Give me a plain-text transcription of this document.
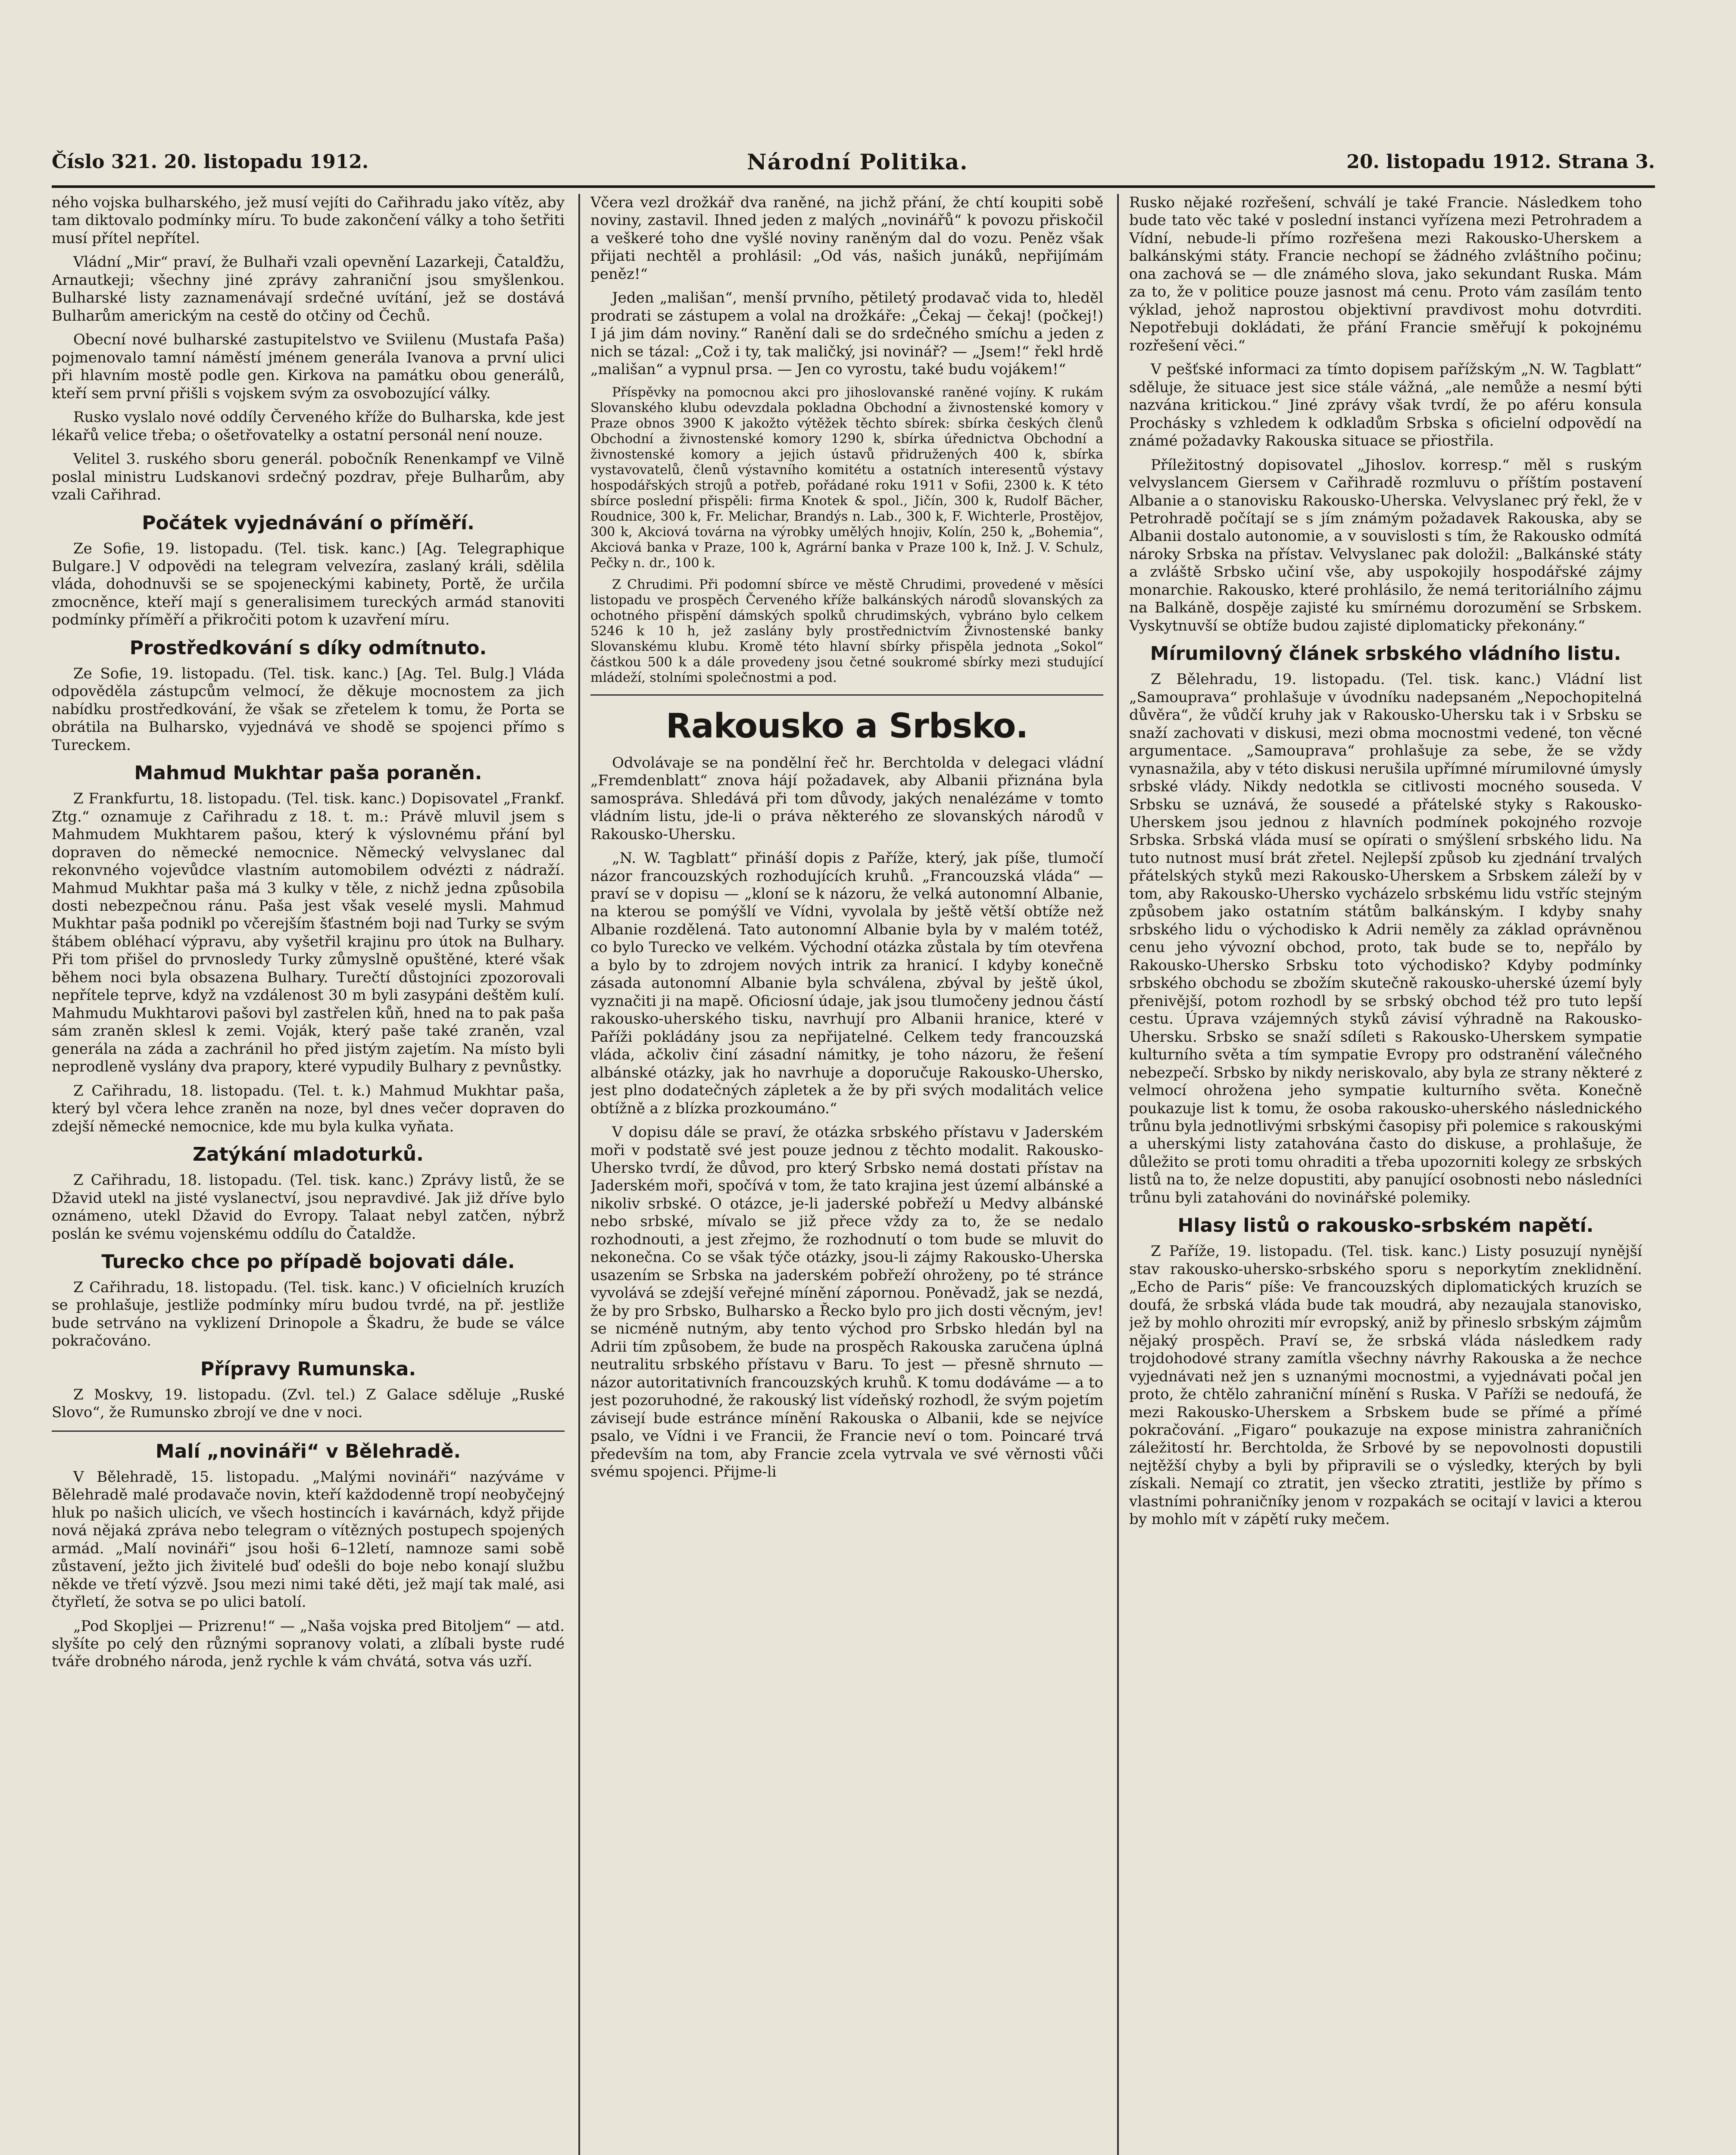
Číslo 321. 20. listopadu 1912.	Národní Politika.	20. listopadu 1912. Strana 3.

ného vojska bulharského, jež musí vejíti do Cařihradu jako vítěz, aby tam diktovalo podmínky míru. To bude zakončení války a toho šetřiti musí přítel nepřítel.

Vládní „Mir“ praví, že Bulhaři vzali opevnění Lazarkeji, Čatalđžu, Arnautkeji; všechny jiné zprávy zahraniční jsou smyšlenkou. Bulharské listy zaznamenávají srdečné uvítání, jež se dostává Bulharům americkým na cestě do otčiny od Čechů.

Obecní nové bulharské zastupitelstvo ve Sviilenu (Mustafa Paša) pojmenovalo tamní náměstí jménem generála Ivanova a první ulici při hlavním mostě podle gen. Kirkova na památku obou generálů, kteří sem první přišli s vojskem svým za osvobozující války.

Rusko vyslalo nové oddíly Červeného kříže do Bulharska, kde jest lékařů velice třeba; o ošetřovatelky a ostatní personál není nouze.

Velitel 3. ruského sboru generál. pobočník Renenkampf ve Vilně poslal ministru Ludskanovi srdečný pozdrav, přeje Bulharům, aby vzali Cařihrad.

Počátek vyjednávání o příměří.

Ze Sofie, 19. listopadu. (Tel. tisk. kanc.) [Ag. Telegraphique Bulgare.] V odpovědi na telegram velvezíra, zaslaný králi, sdělila vláda, dohodnuvši se se spojeneckými kabinety, Portě, že určila zmocněnce, kteří mají s generalisimem tureckých armád stanoviti podmínky příměří a přikročiti potom k uzavření míru.

Prostředkování s díky odmítnuto.

Ze Sofie, 19. listopadu. (Tel. tisk. kanc.) [Ag. Tel. Bulg.] Vláda odpověděla zástupcům velmocí, že děkuje mocnostem za jich nabídku prostředkování, že však se zřetelem k tomu, že Porta se obrátila na Bulharsko, vyjednává ve shodě se spojenci přímo s Tureckem.

Mahmud Mukhtar paša poraněn.

Z Frankfurtu, 18. listopadu. (Tel. tisk. kanc.) Dopisovatel „Frankf. Ztg.“ oznamuje z Cařihradu z 18. t. m.: Právě mluvil jsem s Mahmudem Mukhtarem pašou, který k výslovnému přání byl dopraven do německé nemocnice. Německý velvyslanec dal rekonvného vojevůdce vlastním automobilem odvézti z nádraží. Mahmud Mukhtar paša má 3 kulky v těle, z nichž jedna způsobila dosti nebezpečnou ránu. Paša jest však veselé mysli. Mahmud Mukhtar paša podnikl po včerejším šťastném boji nad Turky se svým štábem obléhací výpravu, aby vyšetřil krajinu pro útok na Bulhary. Při tom přišel do prvnosledy Turky zůmyslně opuštěné, které však během noci byla obsazena Bulhary. Turečtí důstojníci zpozorovali nepřítele teprve, když na vzdálenost 30 m byli zasypáni deštěm kulí. Mahmudu Mukhtarovi pašovi byl zastřelen kůň, hned na to pak paša sám zraněn sklesl k zemi. Voják, který paše také zraněn, vzal generála na záda a zachránil ho před jistým zajetím. Na místo byli neprodleně vyslány dva prapory, které vypudily Bulhary z pevnůstky.

Z Cařihradu, 18. listopadu. (Tel. t. k.) Mahmud Mukhtar paša, který byl včera lehce zraněn na noze, byl dnes večer dopraven do zdejší německé nemocnice, kde mu byla kulka vyňata.

Zatýkání mladoturků.

Z Cařihradu, 18. listopadu. (Tel. tisk. kanc.) Zprávy listů, že se Džavid utekl na jisté vyslanectví, jsou nepravdivé. Jak již dříve bylo oznámeno, utekl Džavid do Evropy. Talaat nebyl zatčen, nýbrž poslán ke svému vojenskému oddílu do Čataldže.

Turecko chce po případě bojovati dále.

Z Cařihradu, 18. listopadu. (Tel. tisk. kanc.) V oficielních kruzích se prohlašuje, jestliže podmínky míru budou tvrdé, na př. jestliže bude setrváno na vyklizení Drinopole a Škadru, že bude se válce pokračováno.

Přípravy Rumunska.

Z Moskvy, 19. listopadu. (Zvl. tel.) Z Galace sděluje „Ruské Slovo“, že Rumunsko zbrojí ve dne v noci.

Malí „novináři“ v Bělehradě.

V Bělehradě, 15. listopadu. „Malými novináři“ nazýváme v Bělehradě malé prodavače novin, kteří každodenně tropí neobyčejný hluk po našich ulicích, ve všech hostincích i kavárnách, když přijde nová nějaká zpráva nebo telegram o vítězných postupech spojených armád. „Malí novináři“ jsou hoši 6–12letí, namnoze sami sobě zůstavení, ježto jich živitelé buď odešli do boje nebo konají službu někde ve třetí výzvě. Jsou mezi nimi také děti, jež mají tak malé, asi čtyřletí, že sotva se po ulici batolí.

„Pod Skopljei — Prizrenu!“ — „Naša vojska pred Bitoljem“ — atd. slyšíte po celý den různými sopranovy volati, a zlíbali byste rudé tváře drobného národa, jenž rychle k vám chvátá, sotva vás uzří.

Včera vezl drožkář dva raněné, na jichž přání, že chtí koupiti sobě noviny, zastavil. Ihned jeden z malých „novinářů“ k povozu přiskočil a veškeré toho dne vyšlé noviny raněným dal do vozu. Peněz však přijati nechtěl a prohlásil: „Od vás, našich junáků, nepřijímám peněz!“

Jeden „mališan“, menší prvního, pětiletý prodavač vida to, hleděl prodrati se zástupem a volal na drožkáře: „Čekaj — čekaj! (počkej!) I já jim dám noviny.“ Ranění dali se do srdečného smíchu a jeden z nich se tázal: „Což i ty, tak maličký, jsi novinář? — „Jsem!“ řekl hrdě „mališan“ a vypnul prsa. — Jen co vyrostu, také budu vojákem!“

Příspěvky na pomocnou akci pro jihoslovanské raněné vojíny. K rukám Slovanského klubu odevzdala pokladna Obchodní a živnostenské komory v Praze obnos 3900 K jakožto výtěžek těchto sbírek: sbírka českých členů Obchodní a živnostenské komory 1290 k, sbírka úřednictva Obchodní a živnostenské komory a jejich ústavů přidružených 400 k, sbírka vystavovatelů, členů výstavního komitétu a ostatních interesentů výstavy hospodářských strojů a potřeb, pořádané roku 1911 v Sofii, 2300 k. K této sbírce poslední přispěli: firma Knotek & spol., Jičín, 300 k, Rudolf Bächer, Roudnice, 300 k, Fr. Melichar, Brandýs n. Lab., 300 k, F. Wichterle, Prostějov, 300 k, Akciová továrna na výrobky umělých hnojiv, Kolín, 250 k, „Bohemia“, Akciová banka v Praze, 100 k, Agrární banka v Praze 100 k, Inž. J. V. Schulz, Pečky n. dr., 100 k.

Z Chrudimi. Při podomní sbírce ve městě Chrudimi, provedené v měsíci listopadu ve prospěch Červeného kříže balkánských národů slovanských za ochotného přispění dámských spolků chrudimských, vybráno bylo celkem 5246 k 10 h, jež zaslány byly prostřednictvím Živnostenské banky Slovanskému klubu. Kromě této hlavní sbírky přispěla jednota „Sokol“ částkou 500 k a dále provedeny jsou četné soukromé sbírky mezi studující mládeží, stolními společnostmi a pod.

Rakousko a Srbsko.

Odvolávaje se na pondělní řeč hr. Berchtolda v delegaci vládní „Fremdenblatt“ znova hájí požadavek, aby Albanii přiznána byla samospráva. Shledává při tom důvody, jakých nenalézáme v tomto vládním listu, jde-li o práva některého ze slovanských národů v Rakousko-Uhersku.

„N. W. Tagblatt“ přináší dopis z Paříže, který, jak píše, tlumočí názor francouzských rozhodujících kruhů. „Francouzská vláda“ — praví se v dopisu — „kloní se k názoru, že velká autonomní Albanie, na kterou se pomýšlí ve Vídni, vyvolala by ještě větší obtíže než Albanie rozdělená. Tato autonomní Albanie byla by v malém totéž, co bylo Turecko ve velkém. Východní otázka zůstala by tím otevřena a bylo by to zdrojem nových intrik za hranicí. I kdyby konečně zásada autonomní Albanie byla schválena, zbýval by ještě úkol, vyznačiti ji na mapě. Oficiosní údaje, jak jsou tlumočeny jednou částí rakousko-uherského tisku, navrhují pro Albanii hranice, které v Paříži pokládány jsou za nepřijatelné. Celkem tedy francouzská vláda, ačkoliv činí zásadní námitky, je toho názoru, že řešení albánské otázky, jak ho navrhuje a doporučuje Rakousko-Uhersko, jest plno dodatečných zápletek a že by při svých modalitách velice obtížně a z blízka prozkoumáno.“

V dopisu dále se praví, že otázka srbského přístavu v Jaderském moři v podstatě své jest pouze jednou z těchto modalit. Rakousko-Uhersko tvrdí, že důvod, pro který Srbsko nemá dostati přístav na Jaderském moři, spočívá v tom, že tato krajina jest území albánské a nikoliv srbské. O otázce, je-li jaderské pobřeží u Medvy albánské nebo srbské, mívalo se již přece vždy za to, že se nedalo rozhodnouti, a jest zřejmo, že rozhodnutí o tom bude se mluvit do nekonečna. Co se však týče otázky, jsou-li zájmy Rakousko-Uherska usazením se Srbska na jaderském pobřeží ohroženy, po té stránce vyvolává se zdejší veřejné mínění zápornou. Poněvadž, jak se nezdá, že by pro Srbsko, Bulharsko a Řecko bylo pro jich dosti věcným, jev! se nicméně nutným, aby tento východ pro Srbsko hledán byl na Adrii tím způsobem, že bude na prospěch Rakouska zaručena úplná neutralitu srbského přístavu v Baru. To jest — přesně shrnuto — názor autoritativních francouzských kruhů. K tomu dodáváme — a to jest pozoruhodné, že rakouský list vídeňský rozhodl, že svým pojetím závisejí bude estránce mínění Rakouska o Albanii, kde se nejvíce psalo, ve Vídni i ve Francii, že Francie neví o tom. Poincaré trvá především na tom, aby Francie zcela vytrvala ve své věrnosti vůči svému spojenci. Přijme-li

Rusko nějaké rozřešení, schválí je také Francie. Následkem toho bude tato věc také v poslední instanci vyřízena mezi Petrohradem a Vídní, nebude-li přímo rozřešena mezi Rakousko-Uherskem a balkánskými státy. Francie nechopí se žádného zvláštního počinu; ona zachová se — dle známého slova, jako sekundant Ruska. Mám za to, že v politice pouze jasnost má cenu. Proto vám zasílám tento výklad, jehož naprostou objektivní pravdivost mohu dotvrditi. Nepotřebuji dokládati, že přání Francie směřují k pokojnému rozřešení věci.“

V pešťské informaci za tímto dopisem pařížským „N. W. Tagblatt“ sděluje, že situace jest sice stále vážná, „ale nemůže a nesmí býti nazvána kritickou.“ Jiné zprávy však tvrdí, že po aféru konsula Prochásky s vzhledem k odkladům Srbska s oficielní odpovědí na známé požadavky Rakouska situace se přiostřila.

Příležitostný dopisovatel „Jihoslov. korresp.“ měl s ruským velvyslancem Giersem v Cařihradě rozmluvu o příštím postavení Albanie a o stanovisku Rakousko-Uherska. Velvyslanec prý řekl, že v Petrohradě počítají se s jím známým požadavek Rakouska, aby se Albanii dostalo autonomie, a v souvislosti s tím, že Rakousko odmítá nároky Srbska na přístav. Velvyslanec pak doložil: „Balkánské státy a zvláště Srbsko učiní vše, aby uspokojily hospodářské zájmy monarchie. Rakousko, které prohlásilo, že nemá teritoriálního zájmu na Balkáně, dospěje zajisté ku smírnému dorozumění se Srbskem. Vyskytnuvší se obtíže budou zajisté diplomaticky překonány.“

Mírumilovný článek srbského vládního listu.

Z Bělehradu, 19. listopadu. (Tel. tisk. kanc.) Vládní list „Samouprava“ prohlašuje v úvodníku nadepsaném „Nepochopitelná důvěra“, že vůdčí kruhy jak v Rakousko-Uhersku tak i v Srbsku se snaží zachovati v diskusi, mezi obma mocnostmi vedené, ton věcné argumentace. „Samouprava“ prohlašuje za sebe, že se vždy vynasnažila, aby v této diskusi nerušila upřímné mírumilovné úmysly srbské vlády. Nikdy nedotkla se citlivosti mocného souseda. V Srbsku se uznává, že sousedé a přátelské styky s Rakousko-Uherskem jsou jednou z hlavních podmínek pokojného rozvoje Srbska. Srbská vláda musí se opírati o smýšlení srbského lidu. Na tuto nutnost musí brát zřetel. Nejlepší způsob ku zjednání trvalých přátelských styků mezi Rakousko-Uherskem a Srbskem záleží by v tom, aby Rakousko-Uhersko vycházelo srbskému lidu vstříc stejným způsobem jako ostatním státům balkánským. I kdyby snahy srbského lidu o východisko k Adrii neměly za základ oprávněnou cenu jeho vývozní obchod, proto, tak bude se to, nepřálo by Rakousko-Uhersko Srbsku toto východisko? Kdyby podmínky srbského obchodu se zbožím skutečně rakousko-uherské území byly přenivější, potom rozhodl by se srbský obchod též pro tuto lepší cestu. Úprava vzájemných styků závisí výhradně na Rakousko-Uhersku. Srbsko se snaží sdíleti s Rakousko-Uherskem sympatie kulturního světa a tím sympatie Evropy pro odstranění válečného nebezpečí. Srbsko by nikdy neriskovalo, aby byla ze strany některé z velmocí ohrožena jeho sympatie kulturního světa. Konečně poukazuje list k tomu, že osoba rakousko-uherského následnického trůnu byla jednotlivými srbskými časopisy při polemice s rakouskými a uherskými listy zatahována často do diskuse, a prohlašuje, že důležito se proti tomu ohraditi a třeba upozorniti kolegy ze srbských listů na to, že nelze dopustiti, aby panující osobnosti nebo následníci trůnu byli zatahováni do novinářské polemiky.

Hlasy listů o rakousko-srbském napětí.

Z Paříže, 19. listopadu. (Tel. tisk. kanc.) Listy posuzují nynější stav rakousko-uhersko-srbského sporu s neporkytím zneklidnění. „Echo de Paris“ píše: Ve francouzských diplomatických kruzích se doufá, že srbská vláda bude tak moudrá, aby nezaujala stanovisko, jež by mohlo ohroziti mír evropský, aniž by přineslo srbským zájmům nějaký prospěch. Praví se, že srbská vláda následkem rady trojdohodové strany zamítla všechny návrhy Rakouska a že nechce vyjednávati než jen s uznanými mocnostmi, a vyjednávati počal jen proto, že chtělo zahraniční mínění s Ruska. V Paříži se nedoufá, že mezi Rakousko-Uherskem a Srbskem bude se přímé a přímé pokračování. „Figaro“ poukazuje na expose ministra zahraničních záležitostí hr. Berchtolda, že Srbové by se nepovolnosti dopustili nejtěžší chyby a byli by připravili se o výsledky, kterých by byli získali. Nemají co ztratit, jen všecko ztratiti, jestliže by přímo s vlastními pohraničníky jenom v rozpakách se ocitají v lavici a kterou by mohlo mít v zápětí ruky mečem.
